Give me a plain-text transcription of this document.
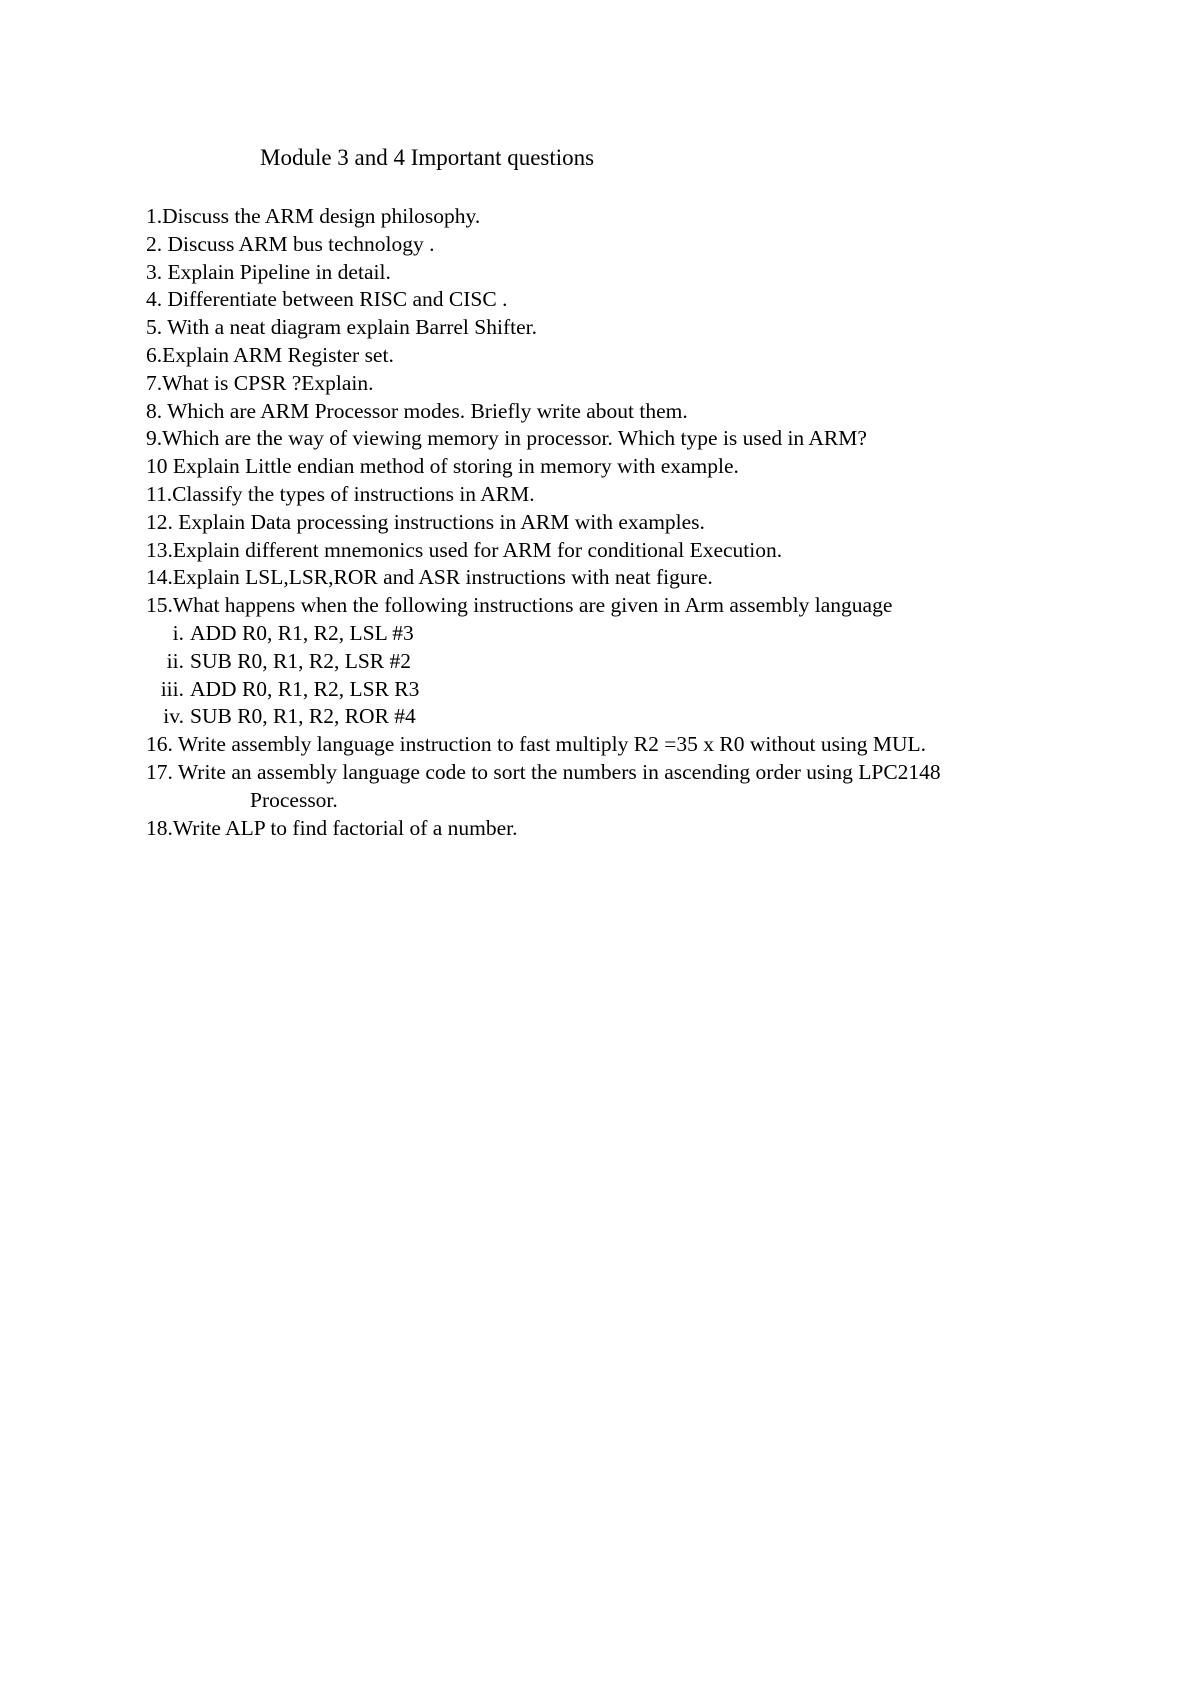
Module 3 and 4 Important questions
1.Discuss the ARM design philosophy.
2. Discuss ARM bus technology .
3. Explain Pipeline in detail.
4. Differentiate between RISC and CISC .
5. With a neat diagram explain Barrel Shifter.
6.Explain ARM Register set.
7.What is CPSR ?Explain.
8. Which are ARM Processor modes. Briefly write about them.
9.Which are the way of viewing memory in processor. Which type is used in ARM?
10 Explain Little endian method of storing in memory with example.
11.Classify the types of instructions in ARM.
12. Explain Data processing instructions in ARM with examples.
13.Explain different mnemonics used for ARM for conditional Execution.
14.Explain LSL,LSR,ROR and ASR instructions with neat figure.
15.What happens when the following instructions are given in Arm assembly language
i. ADD R0, R1, R2, LSL #3
ii. SUB R0, R1, R2, LSR #2
iii. ADD R0, R1, R2, LSR R3
iv. SUB R0, R1, R2, ROR #4
16. Write assembly language instruction to fast multiply R2 =35 x R0 without using MUL.
17. Write an assembly language code to sort the numbers in ascending order using LPC2148
Processor.
18.Write ALP to find factorial of a number.
